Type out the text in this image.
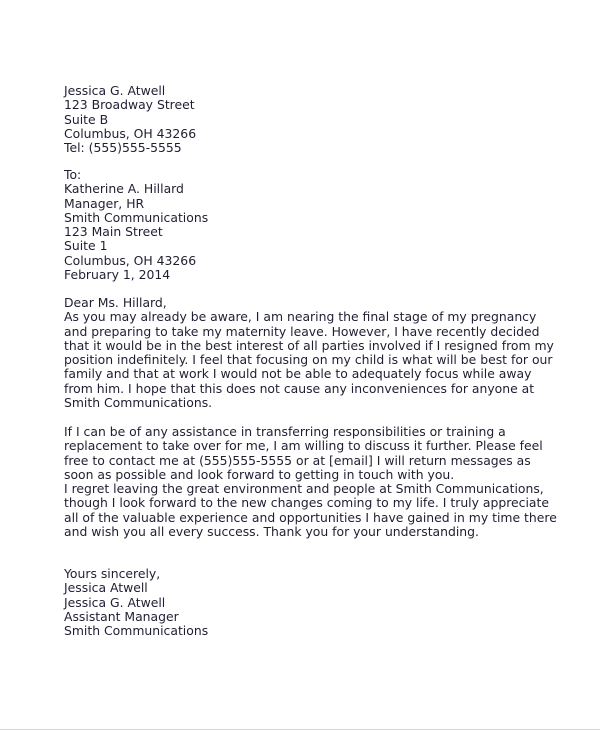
Jessica G. Atwell
123 Broadway Street
Suite B
Columbus, OH 43266
Tel: (555)555-5555
To:
Katherine A. Hillard
Manager, HR
Smith Communications
123 Main Street
Suite 1
Columbus, OH 43266
February 1, 2014
Dear Ms. Hillard,
As you may already be aware, I am nearing the final stage of my pregnancy
and preparing to take my maternity leave. However, I have recently decided
that it would be in the best interest of all parties involved if I resigned from my
position indefinitely. I feel that focusing on my child is what will be best for our
family and that at work I would not be able to adequately focus while away
from him. I hope that this does not cause any inconveniences for anyone at
Smith Communications.
If I can be of any assistance in transferring responsibilities or training a
replacement to take over for me, I am willing to discuss it further. Please feel
free to contact me at (555)555-5555 or at [email] I will return messages as
soon as possible and look forward to getting in touch with you.
I regret leaving the great environment and people at Smith Communications,
though I look forward to the new changes coming to my life. I truly appreciate
all of the valuable experience and opportunities I have gained in my time there
and wish you all every success. Thank you for your understanding.
Yours sincerely,
Jessica Atwell
Jessica G. Atwell
Assistant Manager
Smith Communications
